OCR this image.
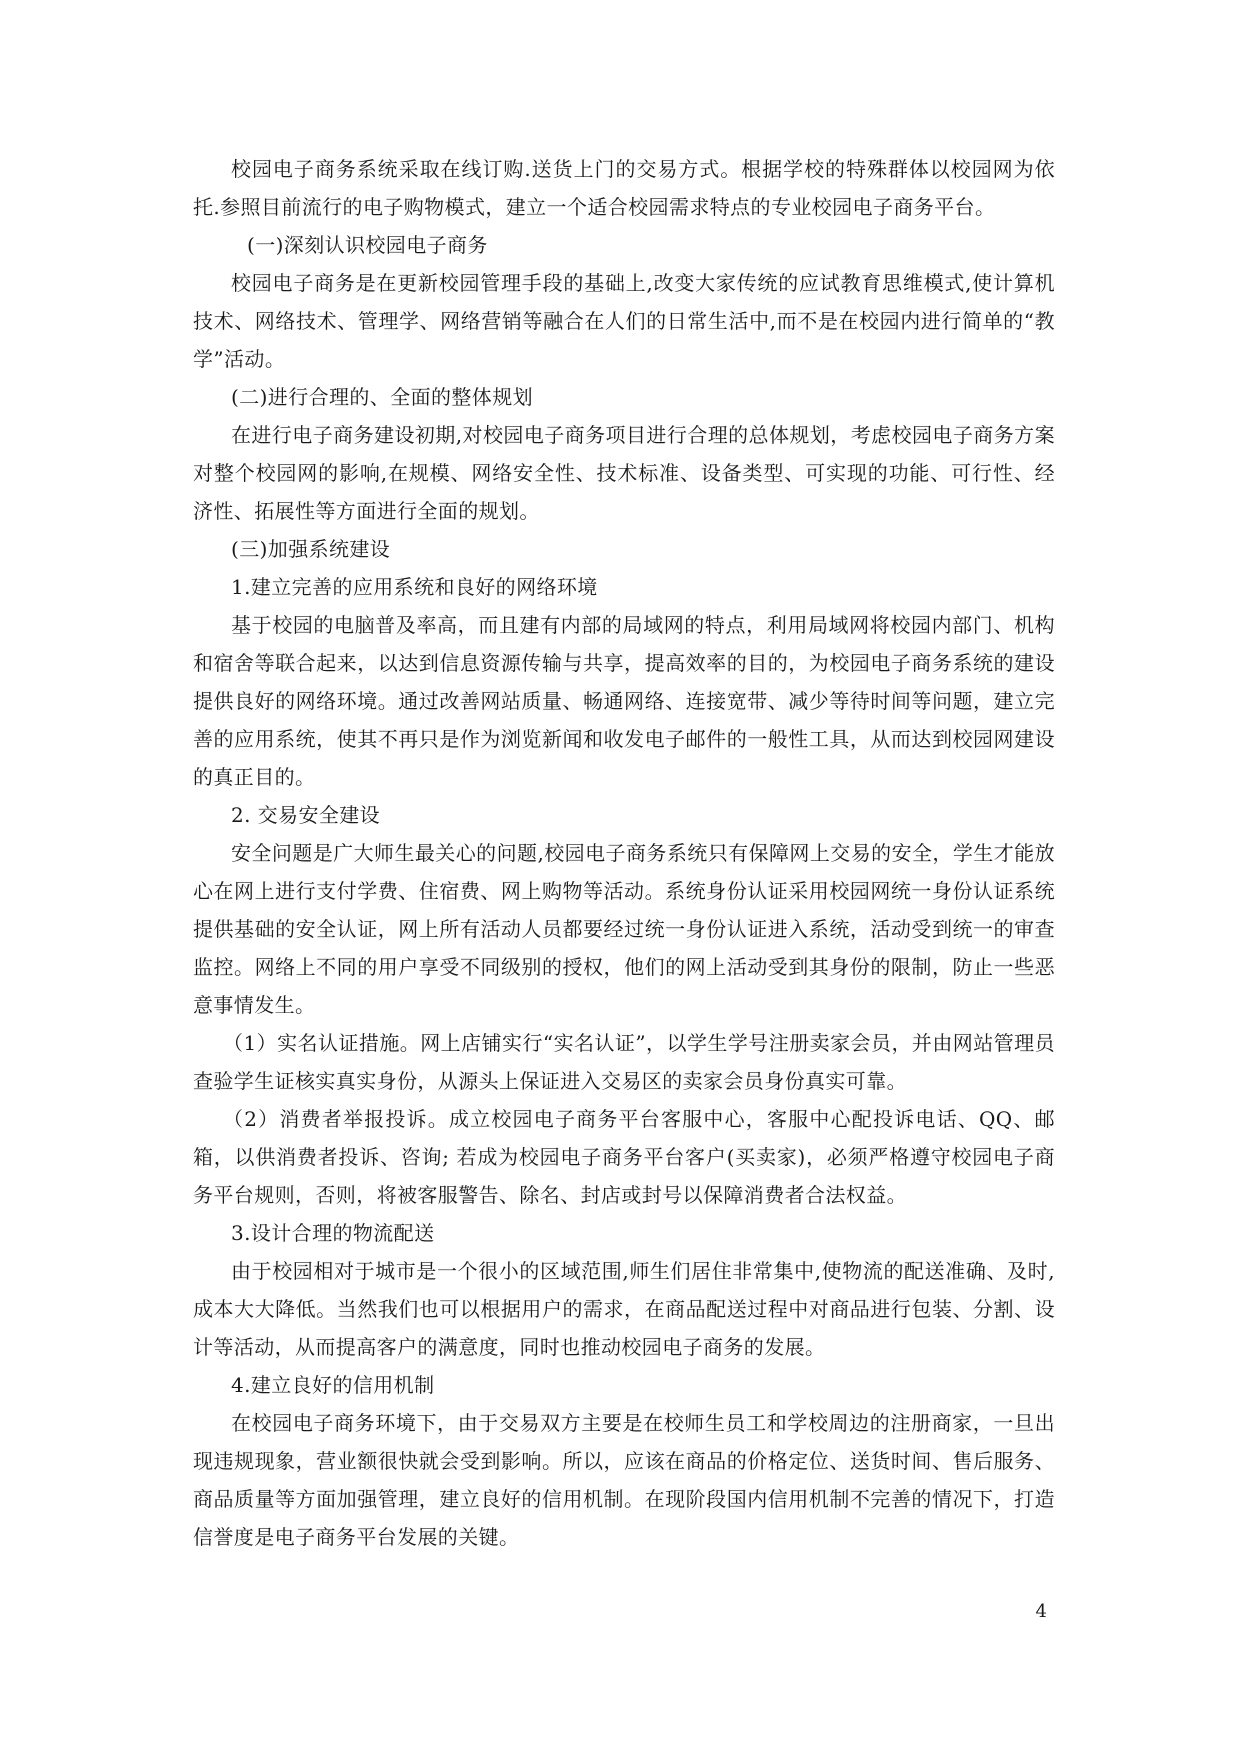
校园电子商务系统采取在线订购.送货上门的交易方式。根据学校的特殊群体以校园网为依托.参照目前流行的电子购物模式，建立一个适合校园需求特点的专业校园电子商务平台。

(一)深刻认识校园电子商务

校园电子商务是在更新校园管理手段的基础上,改变大家传统的应试教育思维模式,使计算机技术、网络技术、管理学、网络营销等融合在人们的日常生活中,而不是在校园内进行简单的“教学”活动。

(二)进行合理的、全面的整体规划

在进行电子商务建设初期,对校园电子商务项目进行合理的总体规划，考虑校园电子商务方案对整个校园网的影响,在规模、网络安全性、技术标准、设备类型、可实现的功能、可行性、经济性、拓展性等方面进行全面的规划。

(三)加强系统建设

1.建立完善的应用系统和良好的网络环境

基于校园的电脑普及率高，而且建有内部的局域网的特点，利用局域网将校园内部门、机构和宿舍等联合起来，以达到信息资源传输与共享，提高效率的目的，为校园电子商务系统的建设提供良好的网络环境。通过改善网站质量、畅通网络、连接宽带、减少等待时间等问题，建立完善的应用系统，使其不再只是作为浏览新闻和收发电子邮件的一般性工具，从而达到校园网建设的真正目的。

2. 交易安全建设

安全问题是广大师生最关心的问题,校园电子商务系统只有保障网上交易的安全，学生才能放心在网上进行支付学费、住宿费、网上购物等活动。系统身份认证采用校园网统一身份认证系统提供基础的安全认证，网上所有活动人员都要经过统一身份认证进入系统，活动受到统一的审查监控。网络上不同的用户享受不同级别的授权，他们的网上活动受到其身份的限制，防止一些恶意事情发生。

（1）实名认证措施。网上店铺实行“实名认证”，以学生学号注册卖家会员，并由网站管理员查验学生证核实真实身份，从源头上保证进入交易区的卖家会员身份真实可靠。

（2）消费者举报投诉。成立校园电子商务平台客服中心，客服中心配投诉电话、QQ、邮箱，以供消费者投诉、咨询; 若成为校园电子商务平台客户(买卖家)，必须严格遵守校园电子商务平台规则，否则，将被客服警告、除名、封店或封号以保障消费者合法权益。

3.设计合理的物流配送

由于校园相对于城市是一个很小的区域范围,师生们居住非常集中,使物流的配送准确、及时,成本大大降低。当然我们也可以根据用户的需求，在商品配送过程中对商品进行包装、分割、设计等活动，从而提高客户的满意度，同时也推动校园电子商务的发展。

4.建立良好的信用机制

在校园电子商务环境下，由于交易双方主要是在校师生员工和学校周边的注册商家，一旦出现违规现象，营业额很快就会受到影响。所以，应该在商品的价格定位、送货时间、售后服务、商品质量等方面加强管理，建立良好的信用机制。在现阶段国内信用机制不完善的情况下，打造信誉度是电子商务平台发展的关键。

4
